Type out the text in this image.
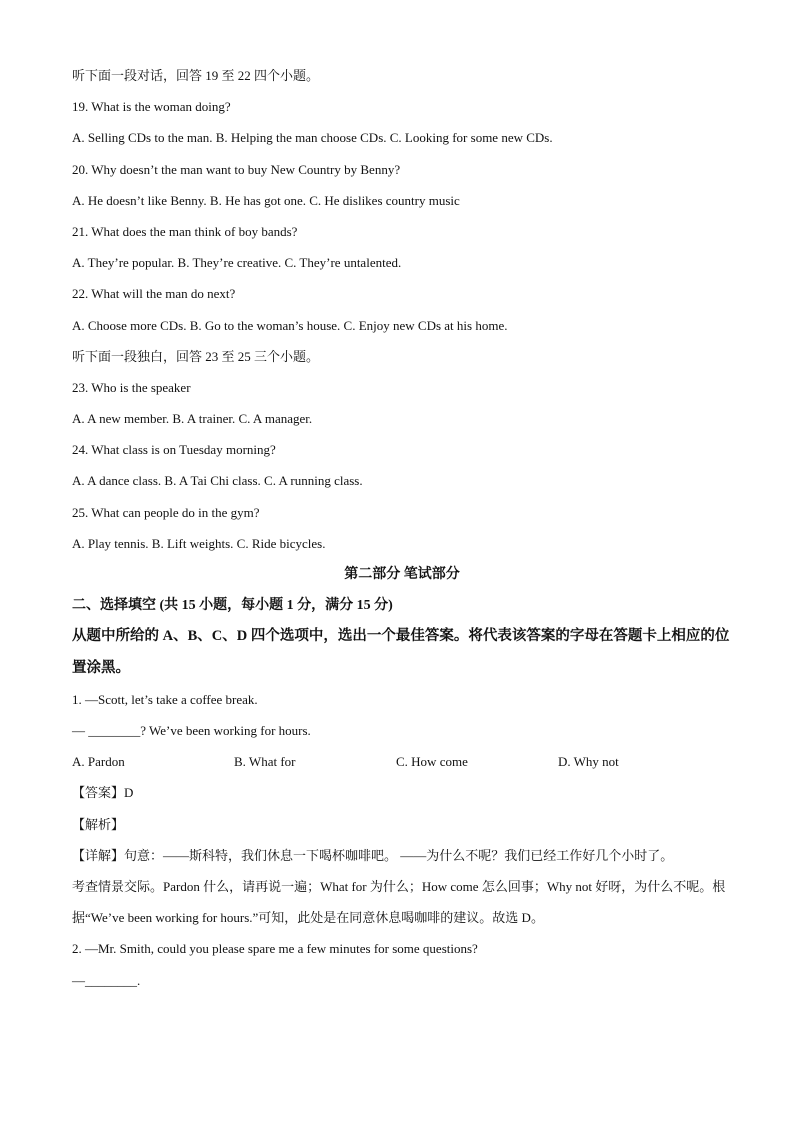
听下面一段对话，回答 19 至 22 四个小题。
19. What is the woman doing?
A. Selling CDs to the man. B. Helping the man choose CDs. C. Looking for some new CDs.
20. Why doesn’t the man want to buy New Country by Benny?
A. He doesn’t like Benny. B. He has got one. C. He dislikes country music
21. What does the man think of boy bands?
A. They’re popular. B. They’re creative. C. They’re untalented.
22. What will the man do next?
A. Choose more CDs. B. Go to the woman’s house. C. Enjoy new CDs at his home.
听下面一段独白，回答 23 至 25 三个小题。
23. Who is the speaker
A. A new member. B. A trainer. C. A manager.
24. What class is on Tuesday morning?
A. A dance class. B. A Tai Chi class. C. A running class.
25. What can people do in the gym?
A. Play tennis. B. Lift weights. C. Ride bicycles.
第二部分 笔试部分
二、选择填空 (共 15 小题，每小题 1 分，满分 15 分)
从题中所给的 A、B、C、D 四个选项中，选出一个最佳答案。将代表该答案的字母在答题卡上相应的位置涂黑。
1. —Scott, let’s take a coffee break.
— ________? We’ve been working for hours.
A. Pardon	B. What for	C. How come	D. Why not
【答案】D
【解析】
【详解】句意：——斯科特，我们休息一下喝杯咖啡吧。 ——为什么不呢？我们已经工作好几个小时了。
考查情景交际。Pardon 什么，请再说一遍；What for 为什么；How come 怎么回事；Why not 好呀，为什么不呢。根据“We’ve been working for hours.”可知，此处是在同意休息喝咖啡的建议。故选 D。
2. —Mr. Smith, could you please spare me a few minutes for some questions?
—________.
